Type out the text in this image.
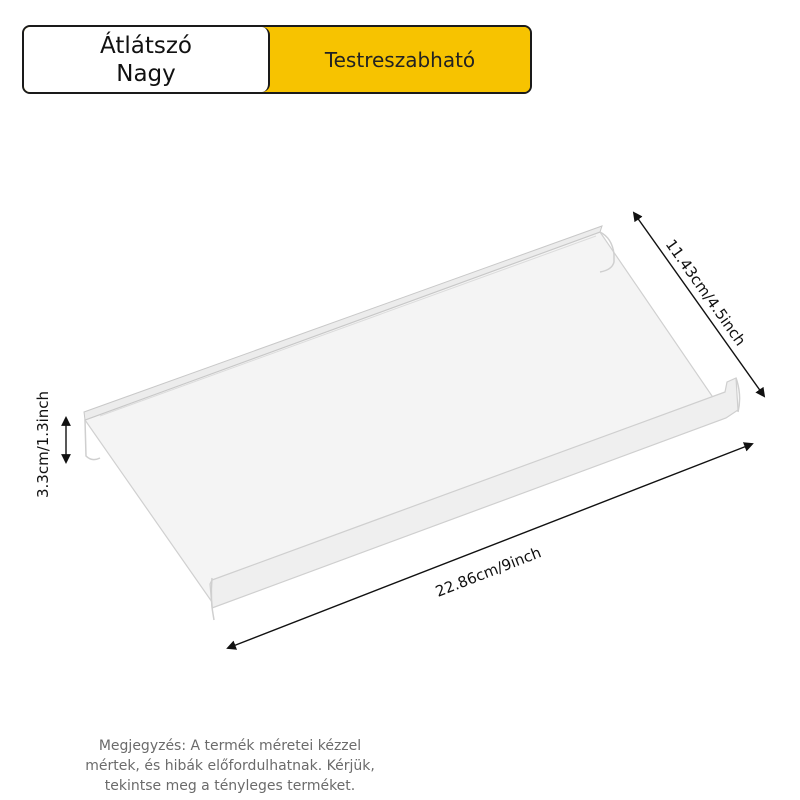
Átlátszó
Nagy
Testreszabható
11.43cm/4.5inch
3.3cm/1.3inch
22.86cm/9inch
Megjegyzés: A termék méretei kézzel
mértek, és hibák előfordulhatnak. Kérjük,
tekintse meg a tényleges terméket.
